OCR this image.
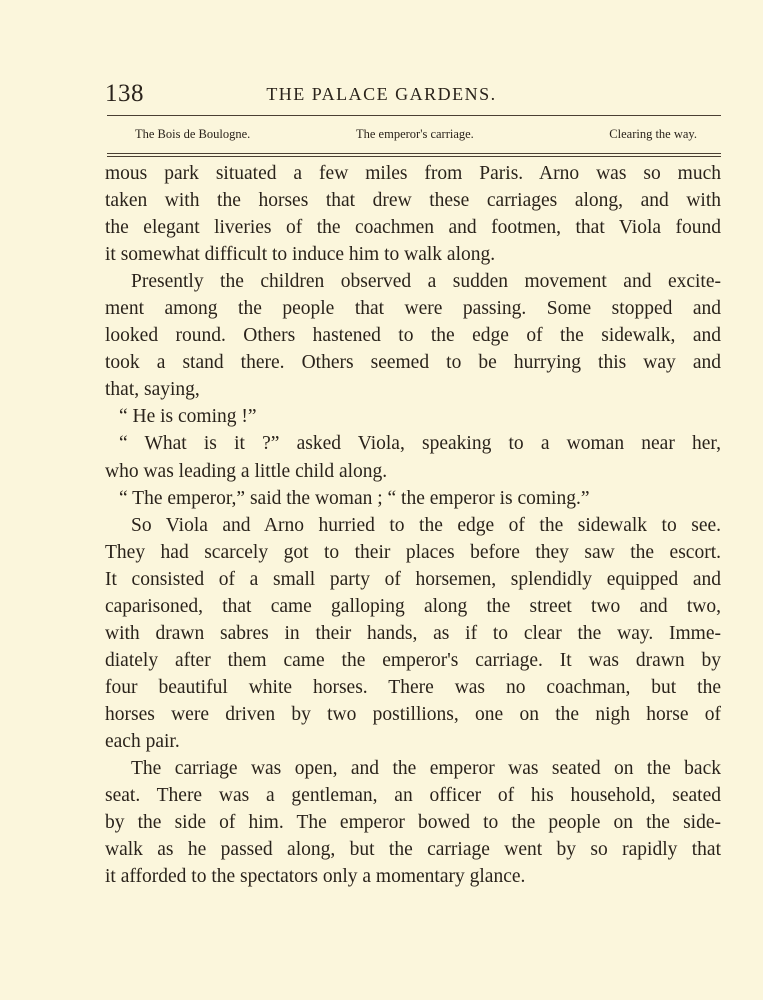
138	THE PALACE GARDENS.
The Bois de Boulogne.	The emperor's carriage.	Clearing the way.
mous park situated a few miles from Paris. Arno was so much
taken with the horses that drew these carriages along, and with
the elegant liveries of the coachmen and footmen, that Viola found
it somewhat difficult to induce him to walk along.
Presently the children observed a sudden movement and excite-
ment among the people that were passing. Some stopped and
looked round. Others hastened to the edge of the sidewalk, and
took a stand there. Others seemed to be hurrying this way and
that, saying,
“ He is coming !”
“ What is it ?” asked Viola, speaking to a woman near her,
who was leading a little child along.
“ The emperor,” said the woman ; “ the emperor is coming.”
So Viola and Arno hurried to the edge of the sidewalk to see.
They had scarcely got to their places before they saw the escort.
It consisted of a small party of horsemen, splendidly equipped and
caparisoned, that came galloping along the street two and two,
with drawn sabres in their hands, as if to clear the way. Imme-
diately after them came the emperor's carriage. It was drawn by
four beautiful white horses. There was no coachman, but the
horses were driven by two postillions, one on the nigh horse of
each pair.
The carriage was open, and the emperor was seated on the back
seat. There was a gentleman, an officer of his household, seated
by the side of him. The emperor bowed to the people on the side-
walk as he passed along, but the carriage went by so rapidly that
it afforded to the spectators only a momentary glance.
